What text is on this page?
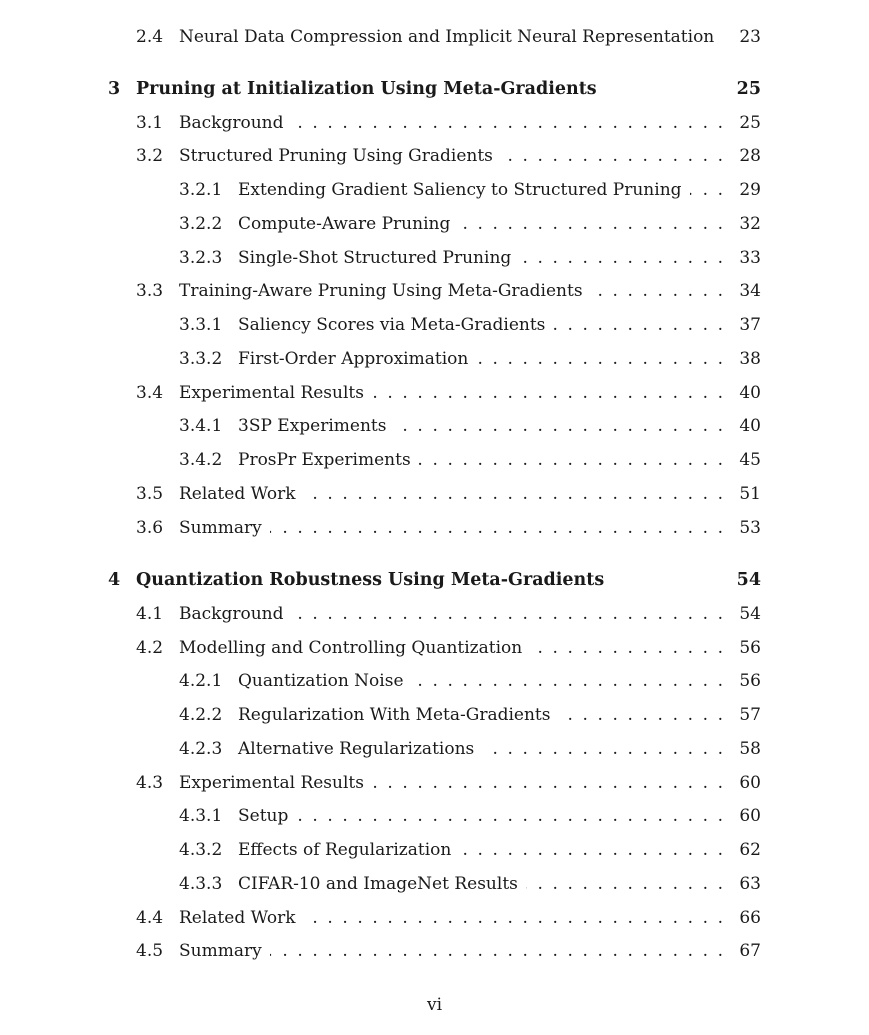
2.4 Neural Data Compression and Implicit Neural Representation . . . 23
3 Pruning at Initialization Using Meta-Gradients	25
3.1 Background . . .	25
3.2 Structured Pruning Using Gradients . . .	28
3.2.1 Extending Gradient Saliency to Structured Pruning . . .	29
3.2.2 Compute-Aware Pruning . . .	32
3.2.3 Single-Shot Structured Pruning . . .	33
3.3 Training-Aware Pruning Using Meta-Gradients . . .	34
3.3.1 Saliency Scores via Meta-Gradients . . .	37
3.3.2 First-Order Approximation . . .	38
3.4 Experimental Results . . .	40
3.4.1 3SP Experiments . . .	40
3.4.2 ProsPr Experiments . . .	45
3.5 Related Work . . .	51
3.6 Summary . . .	53
4 Quantization Robustness Using Meta-Gradients	54
4.1 Background . . .	54
4.2 Modelling and Controlling Quantization . . .	56
4.2.1 Quantization Noise . . .	56
4.2.2 Regularization With Meta-Gradients . . .	57
4.2.3 Alternative Regularizations . . .	58
4.3 Experimental Results . . .	60
4.3.1 Setup . . .	60
4.3.2 Effects of Regularization . . .	62
4.3.3 CIFAR-10 and ImageNet Results . . .	63
4.4 Related Work . . .	66
4.5 Summary . . .	67
vi
